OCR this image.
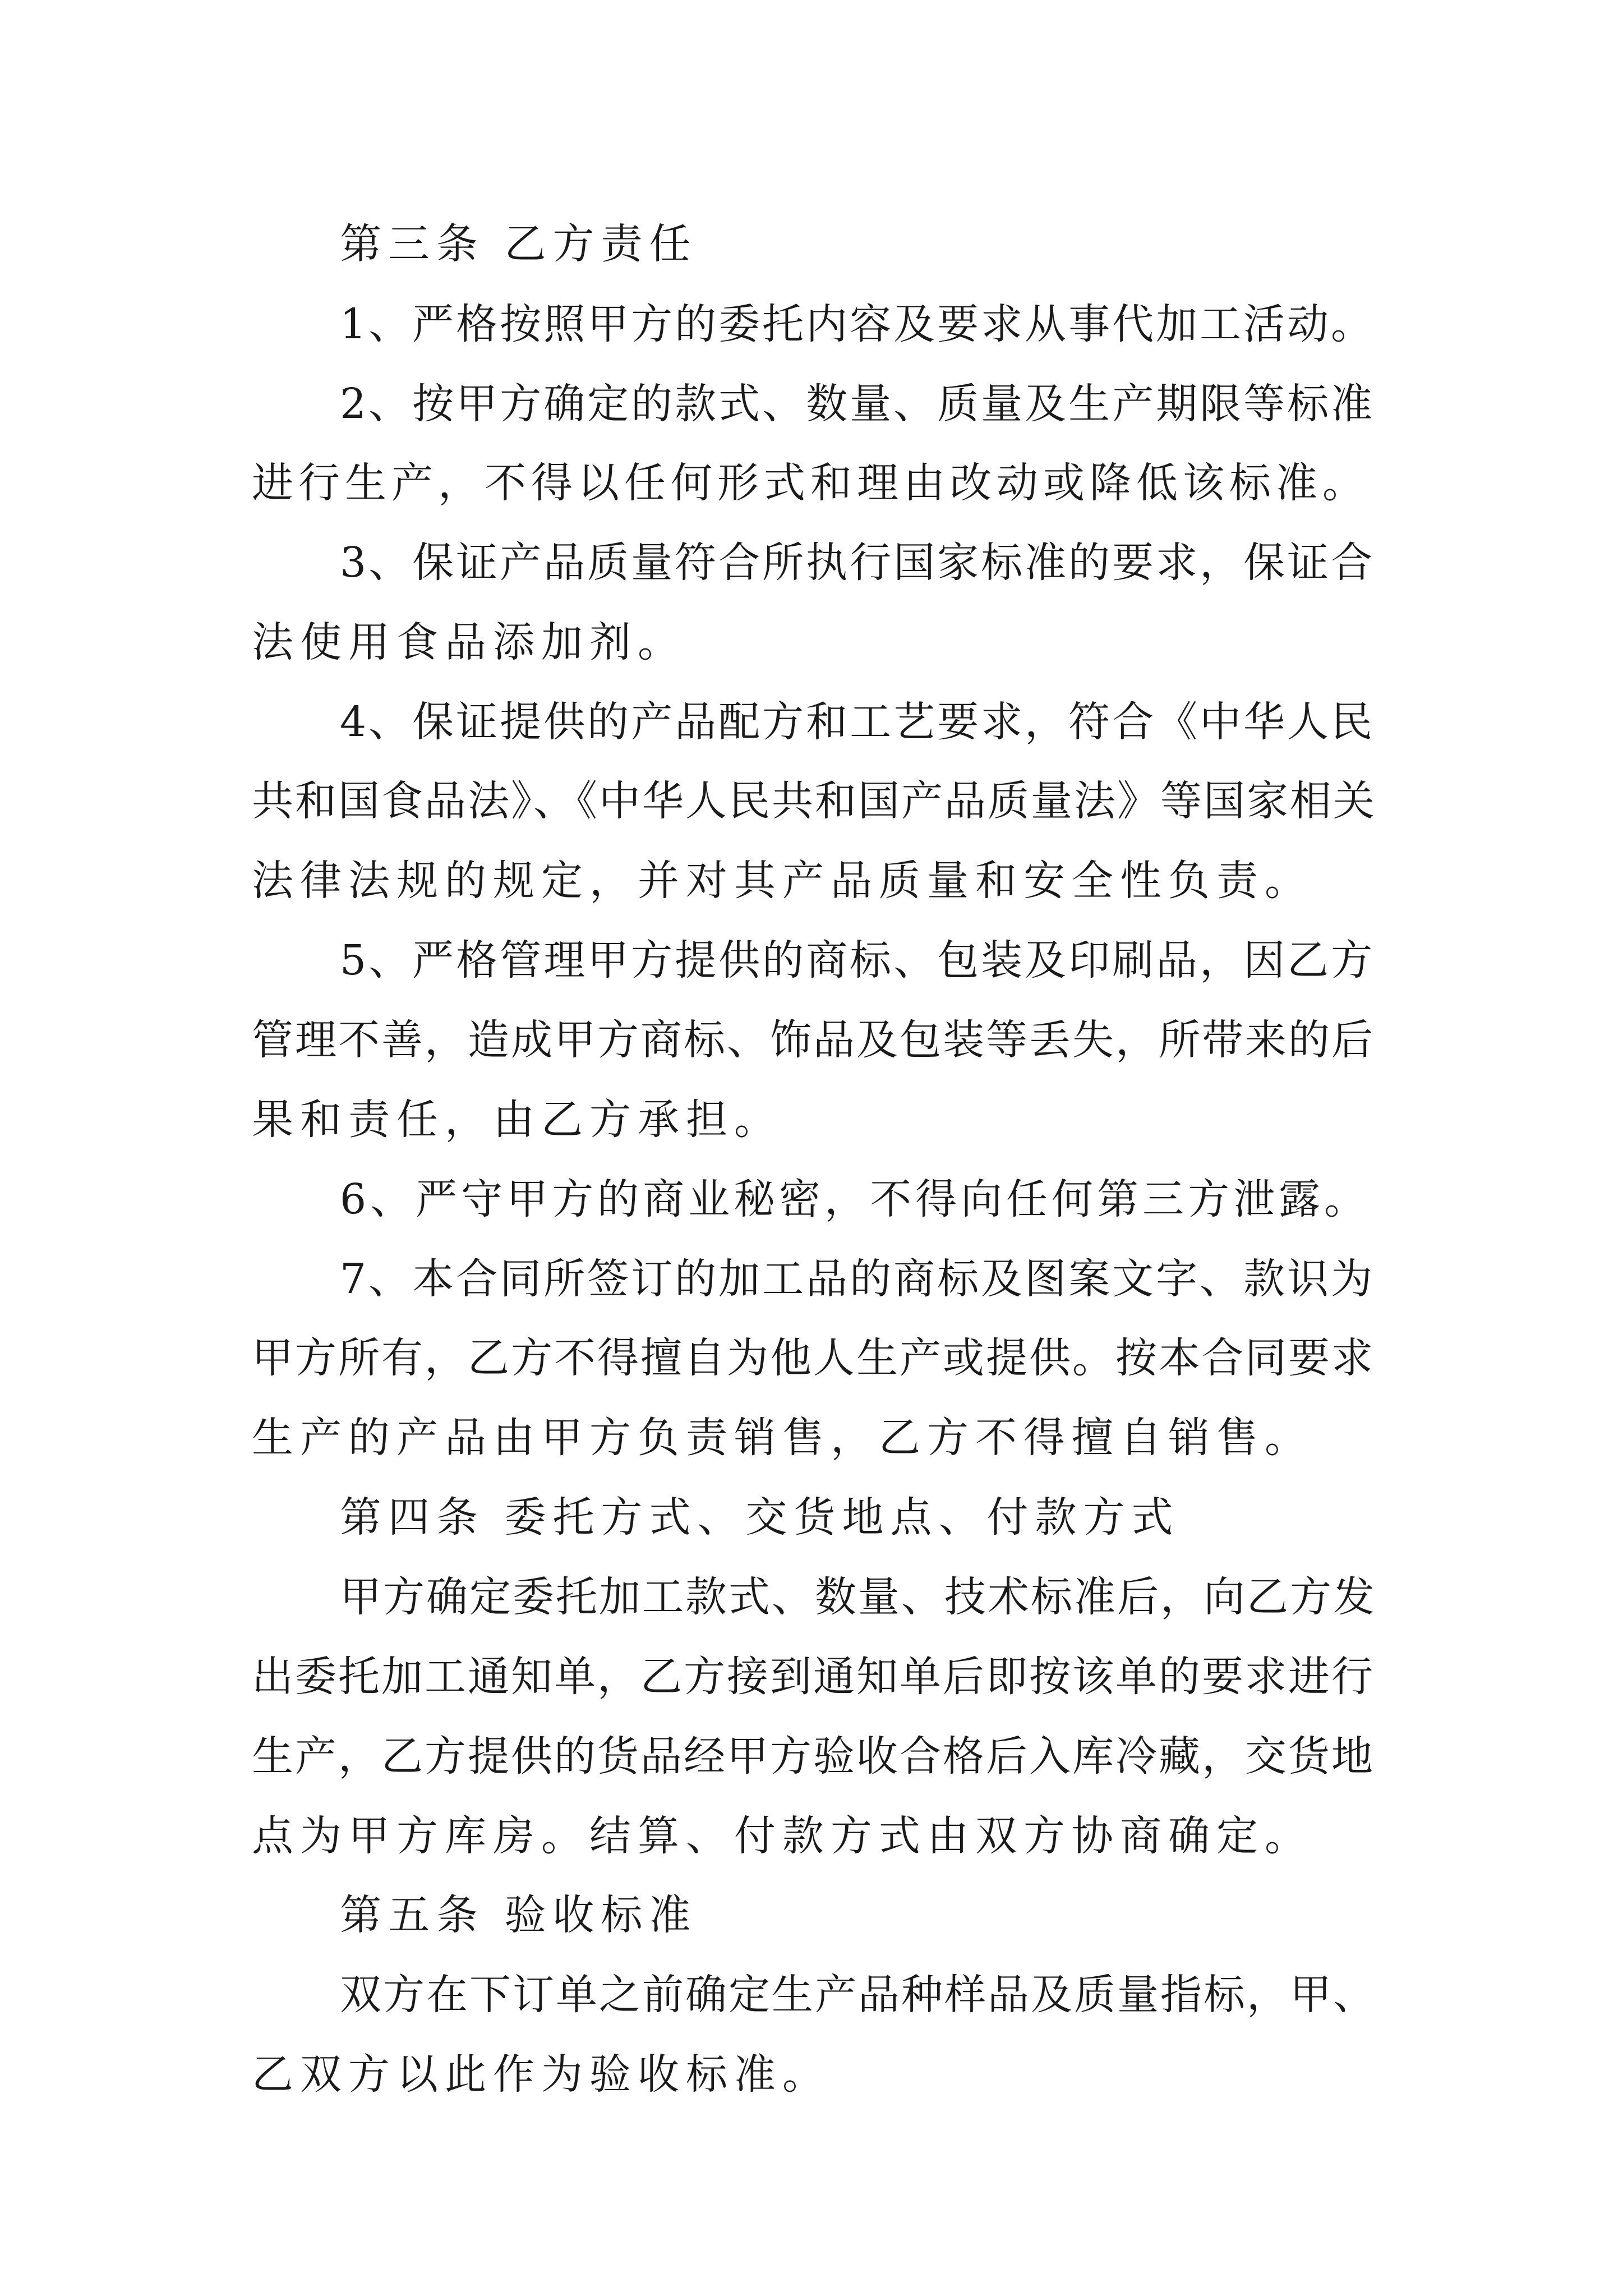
第三条 乙方责任

1、严格按照甲方的委托内容及要求从事代加工活动。

2、按甲方确定的款式、数量、质量及生产期限等标准

进行生产，不得以任何形式和理由改动或降低该标准。

3、保证产品质量符合所执行国家标准的要求，保证合

法使用食品添加剂。

4、保证提供的产品配方和工艺要求，符合《中华人民

共和国食品法》、《中华人民共和国产品质量法》等国家相关

法律法规的规定，并对其产品质量和安全性负责。

5、严格管理甲方提供的商标、包装及印刷品，因乙方

管理不善，造成甲方商标、饰品及包装等丢失，所带来的后

果和责任，由乙方承担。

6、严守甲方的商业秘密，不得向任何第三方泄露。

7、本合同所签订的加工品的商标及图案文字、款识为

甲方所有，乙方不得擅自为他人生产或提供。按本合同要求

生产的产品由甲方负责销售，乙方不得擅自销售。

第四条 委托方式、交货地点、付款方式

甲方确定委托加工款式、数量、技术标准后，向乙方发

出委托加工通知单，乙方接到通知单后即按该单的要求进行

生产，乙方提供的货品经甲方验收合格后入库冷藏，交货地

点为甲方库房。结算、付款方式由双方协商确定。

第五条 验收标准

双方在下订单之前确定生产品种样品及质量指标，甲、

乙双方以此作为验收标准。
